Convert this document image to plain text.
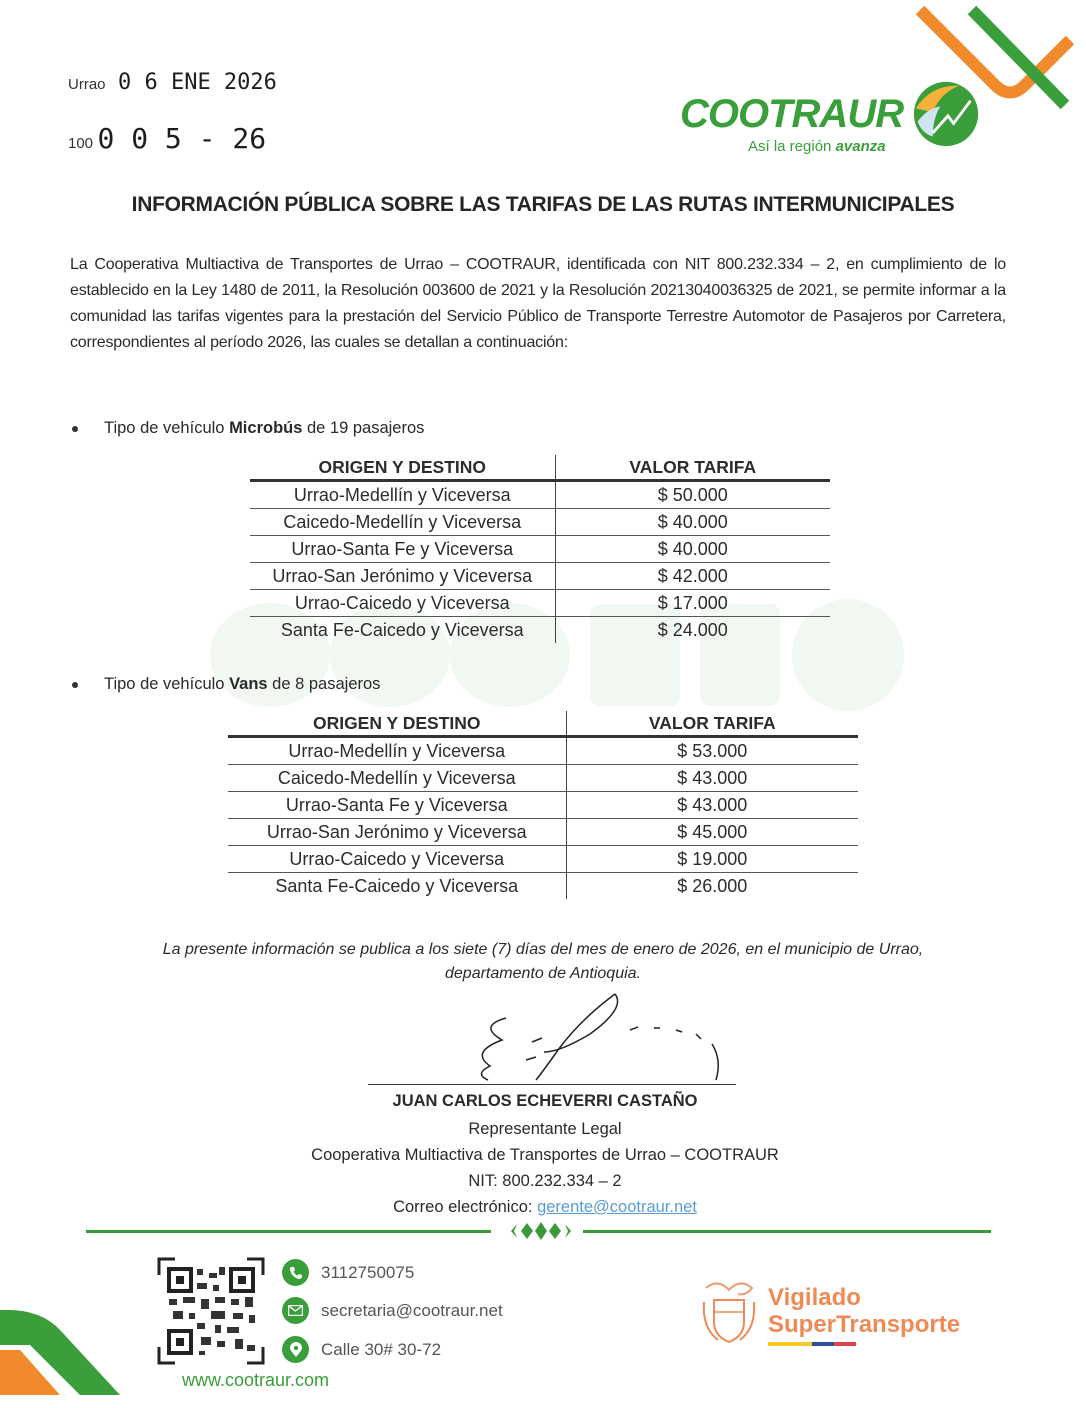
Urrao 0 6 ENE 2026
100 0 0 5 - 26
COOTRAUR
Así la región avanza
INFORMACIÓN PÚBLICA SOBRE LAS TARIFAS DE LAS RUTAS INTERMUNICIPALES
La Cooperativa Multiactiva de Transportes de Urrao – COOTRAUR, identificada con NIT 800.232.334 – 2, en cumplimiento de lo establecido en la Ley 1480 de 2011, la Resolución 003600 de 2021 y la Resolución 20213040036325 de 2021, se permite informar a la comunidad las tarifas vigentes para la prestación del Servicio Público de Transporte Terrestre Automotor de Pasajeros por Carretera, correspondientes al período 2026, las cuales se detallan a continuación:
Tipo de vehículo Microbús de 19 pasajeros
ORIGEN Y DESTINO	VALOR TARIFA
Urrao-Medellín y Viceversa	$ 50.000
Caicedo-Medellín y Viceversa	$ 40.000
Urrao-Santa Fe y Viceversa	$ 40.000
Urrao-San Jerónimo y Viceversa	$ 42.000
Urrao-Caicedo y Viceversa	$ 17.000
Santa Fe-Caicedo y Viceversa	$ 24.000
Tipo de vehículo Vans de 8 pasajeros
ORIGEN Y DESTINO	VALOR TARIFA
Urrao-Medellín y Viceversa	$ 53.000
Caicedo-Medellín y Viceversa	$ 43.000
Urrao-Santa Fe y Viceversa	$ 43.000
Urrao-San Jerónimo y Viceversa	$ 45.000
Urrao-Caicedo y Viceversa	$ 19.000
Santa Fe-Caicedo y Viceversa	$ 26.000
La presente información se publica a los siete (7) días del mes de enero de 2026, en el municipio de Urrao,
departamento de Antioquia.
JUAN CARLOS ECHEVERRI CASTAÑO
Representante Legal
Cooperativa Multiactiva de Transportes de Urrao – COOTRAUR
NIT: 800.232.334 – 2
Correo electrónico: gerente@cootraur.net
3112750075
secretaria@cootraur.net
Calle 30# 30-72
www.cootraur.com
Vigilado
SuperTransporte
